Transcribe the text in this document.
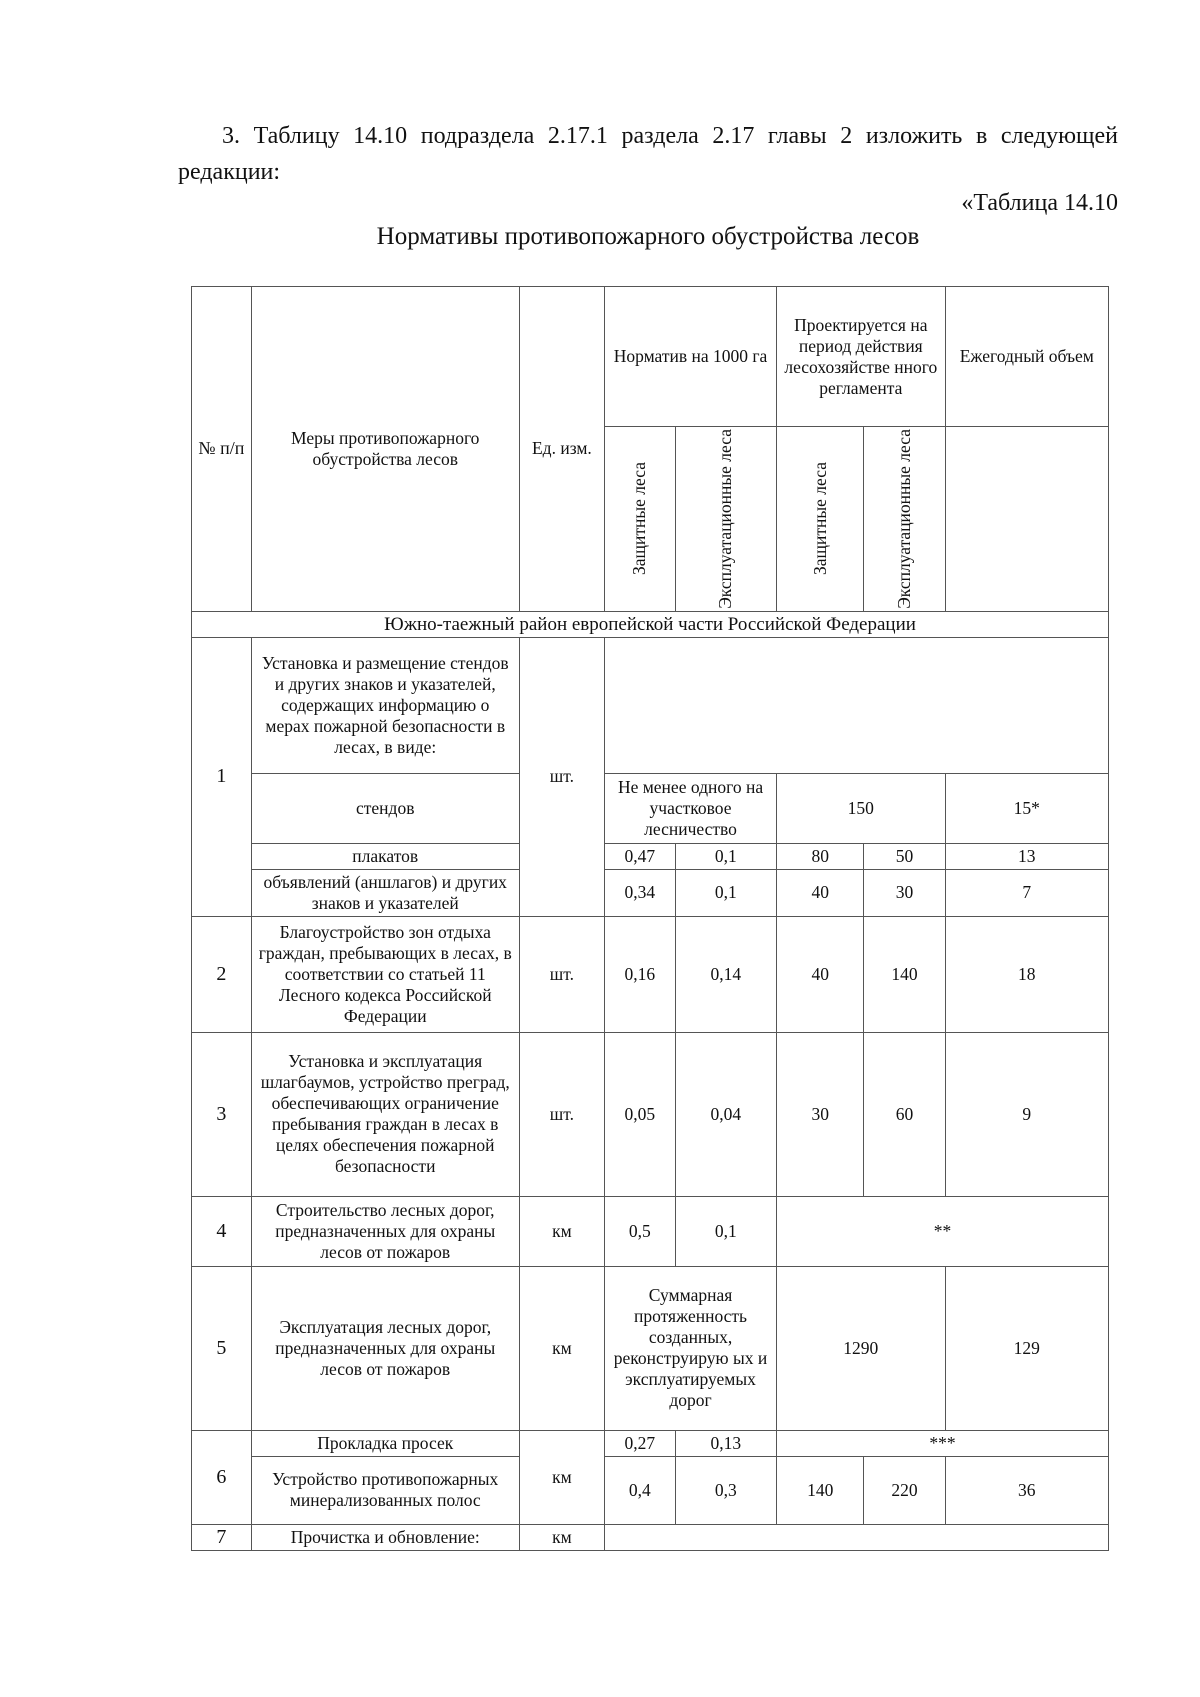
3. Таблицу 14.10 подраздела 2.17.1 раздела 2.17 главы 2 изложить в следующей редакции:

«Таблица 14.10

Нормативы противопожарного обустройства лесов

№ п/п	Меры противопожарного обустройства лесов	Ед. изм.	Норматив на 1000 га		Проектируется на период действия лесохозяйстве нного регламента		Ежегодный объем

			Защитные леса	Эксплуатационные леса	Защитные леса	Эксплуатационные леса	

Южно-таежный район европейской части Российской Федерации							
1	Установка и размещение стендов и других знаков и указателей, содержащих информацию о мерах пожарной безопасности в лесах, в виде:	шт.					
	стендов		Не менее одного на участковое лесничество		150		15*
	плакатов		0,47	0,1	80	50	13
	объявлений (аншлагов) и других знаков и указателей		0,34	0,1	40	30	7
2	Благоустройство зон отдыха граждан, пребывающих в лесах, в соответствии со статьей 11 Лесного кодекса Российской Федерации	шт.	0,16	0,14	40	140	18
3	Установка и эксплуатация шлагбаумов, устройство преград, обеспечивающих ограничение пребывания граждан в лесах в целях обеспечения пожарной безопасности	шт.	0,05	0,04	30	60	9
4	Строительство лесных дорог, предназначенных для охраны лесов от пожаров	км	0,5	0,1	**		
5	Эксплуатация лесных дорог, предназначенных для охраны лесов от пожаров	км	Суммарная протяженность созданных, реконструирую ых и эксплуатируемых дорог		1290		129
6	Прокладка просек	км	0,27	0,13	***		
	Устройство противопожарных минерализованных полос		0,4	0,3	140	220	36
7	Прочистка и обновление:	км					
